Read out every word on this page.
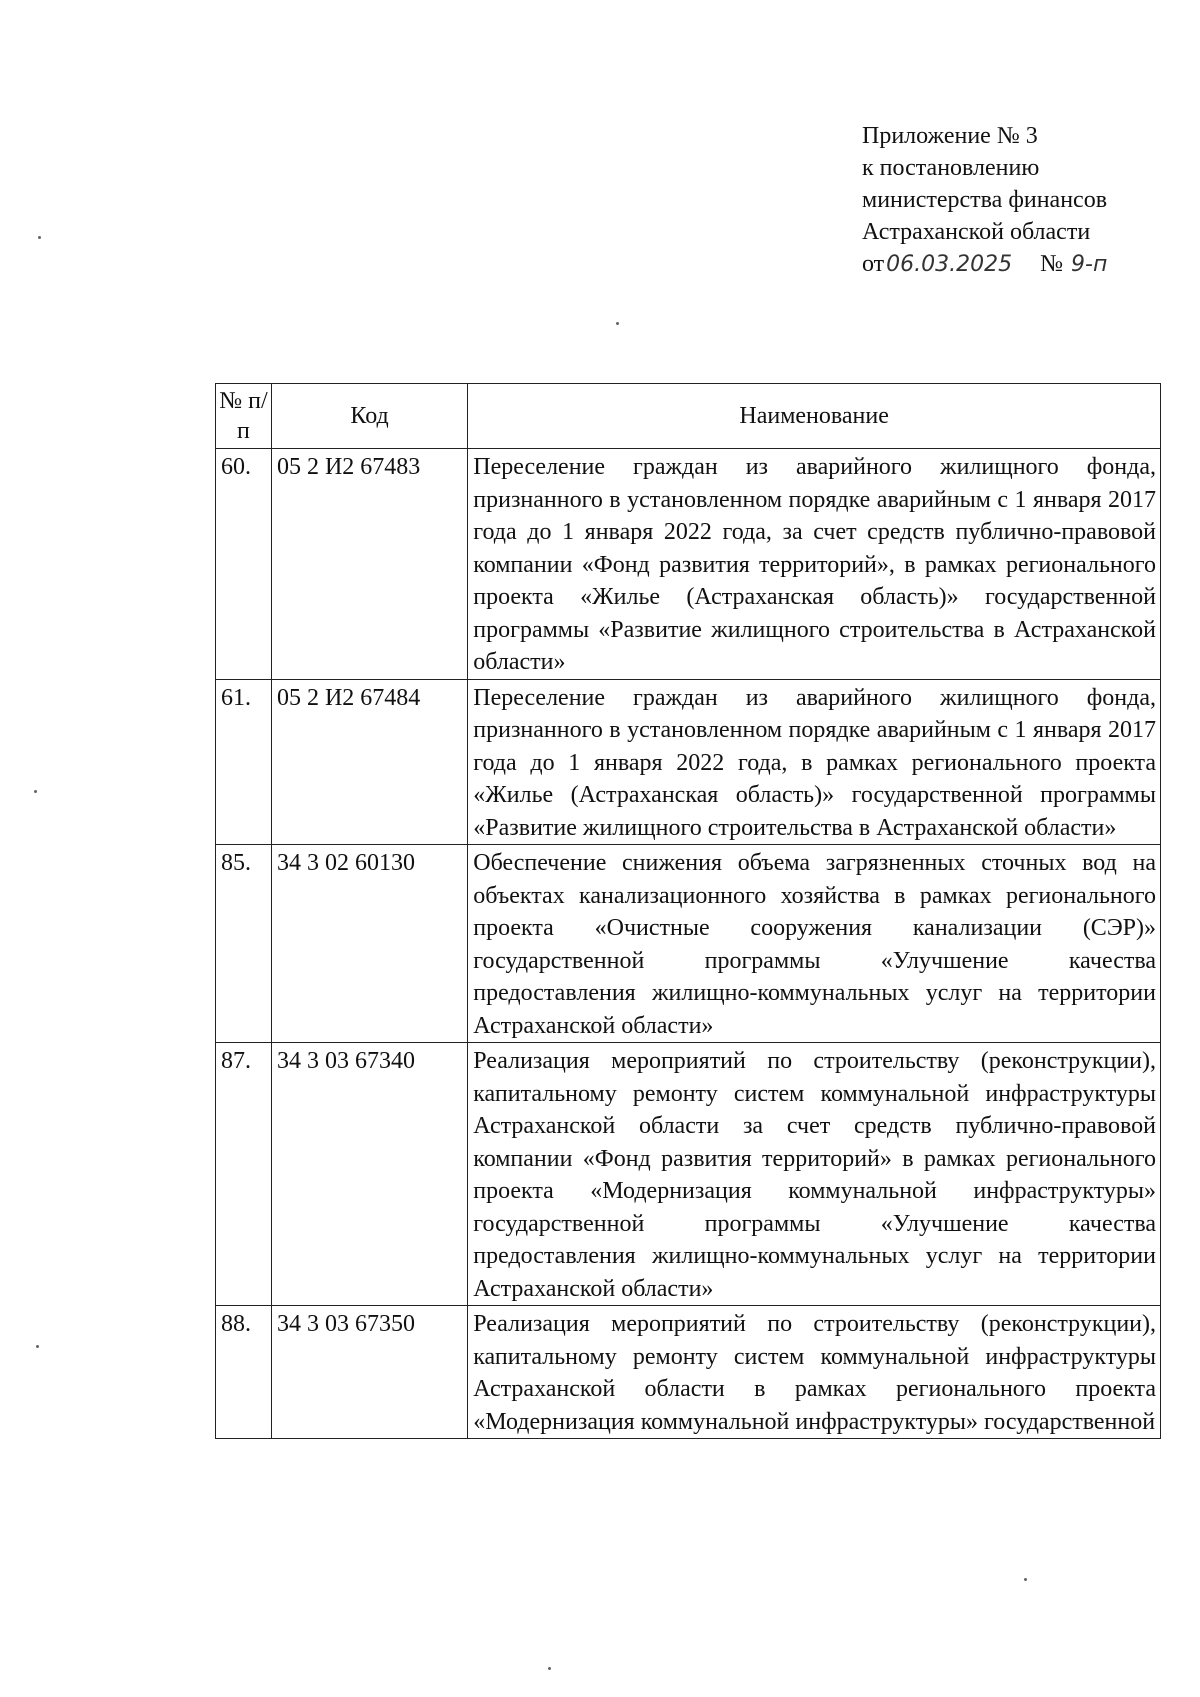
Приложение № 3
к постановлению
министерства финансов
Астраханской области
от06.03.2025 № 9-п
№ п/п	Код	Наименование
60.	05 2 И2 67483	Переселение граждан из аварийного жилищного фонда, признанного в установленном порядке аварийным с 1 января 2017 года до 1 января 2022 года, за счет средств публично-правовой компании «Фонд развития территорий», в рамках регионального проекта «Жилье (Астраханская область)» государственной программы «Развитие жилищного строительства в Астраханской области»
61.	05 2 И2 67484	Переселение граждан из аварийного жилищного фонда, признанного в установленном порядке аварийным с 1 января 2017 года до 1 января 2022 года, в рамках регионального проекта «Жилье (Астраханская область)» государственной программы «Развитие жилищного строительства в Астраханской области»
85.	34 3 02 60130	Обеспечение снижения объема загрязненных сточных вод на объектах канализационного хозяйства в рамках регионального проекта «Очистные сооружения канализации (СЭР)» государственной программы «Улучшение качества предоставления жилищно-коммунальных услуг на территории Астраханской области»
87.	34 3 03 67340	Реализация мероприятий по строительству (реконструкции), капитальному ремонту систем коммунальной инфраструктуры Астраханской области за счет средств публично-правовой компании «Фонд развития территорий» в рамках регионального проекта «Модернизация коммунальной инфраструктуры» государственной программы «Улучшение качества предоставления жилищно-коммунальных услуг на территории Астраханской области»
88.	34 3 03 67350	Реализация мероприятий по строительству (реконструкции), капитальному ремонту систем коммунальной инфраструктуры Астраханской области в рамках регионального проекта «Модернизация коммунальной инфраструктуры» государственной
